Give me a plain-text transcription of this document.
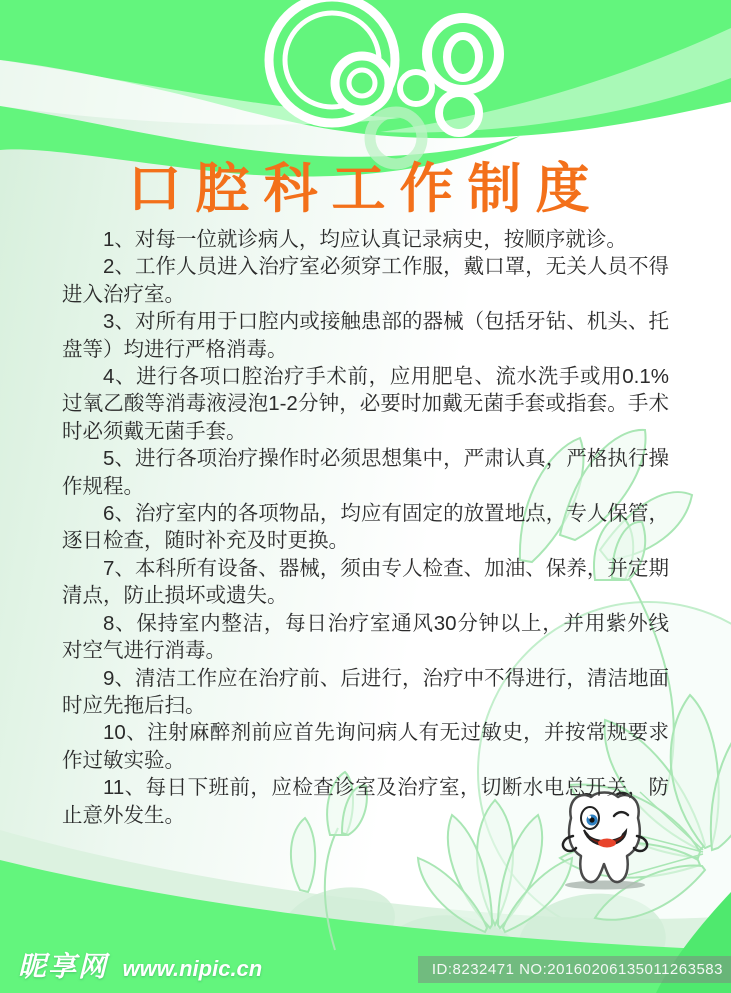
口腔科工作制度

1、对每一位就诊病人，均应认真记录病史，按顺序就诊。

2、工作人员进入治疗室必须穿工作服，戴口罩，无关人员不得进入治疗室。

3、对所有用于口腔内或接触患部的器械（包括牙钻、机头、托盘等）均进行严格消毒。

4、进行各项口腔治疗手术前，应用肥皂、流水洗手或用0.1%过氧乙酸等消毒液浸泡1-2分钟，必要时加戴无菌手套或指套。手术时必须戴无菌手套。

5、进行各项治疗操作时必须思想集中，严肃认真，严格执行操作规程。

6、治疗室内的各项物品，均应有固定的放置地点，专人保管，逐日检查，随时补充及时更换。

7、本科所有设备、器械，须由专人检查、加油、保养，并定期清点，防止损坏或遗失。

8、保持室内整洁，每日治疗室通风30分钟以上，并用紫外线对空气进行消毒。

9、清洁工作应在治疗前、后进行，治疗中不得进行，清洁地面时应先拖后扫。

10、注射麻醉剂前应首先询问病人有无过敏史，并按常规要求作过敏实验。

11、每日下班前，应检查诊室及治疗室，切断水电总开关，防止意外发生。

昵享网 www.nipic.cn	ID:8232471 NO:20160206135011263583
